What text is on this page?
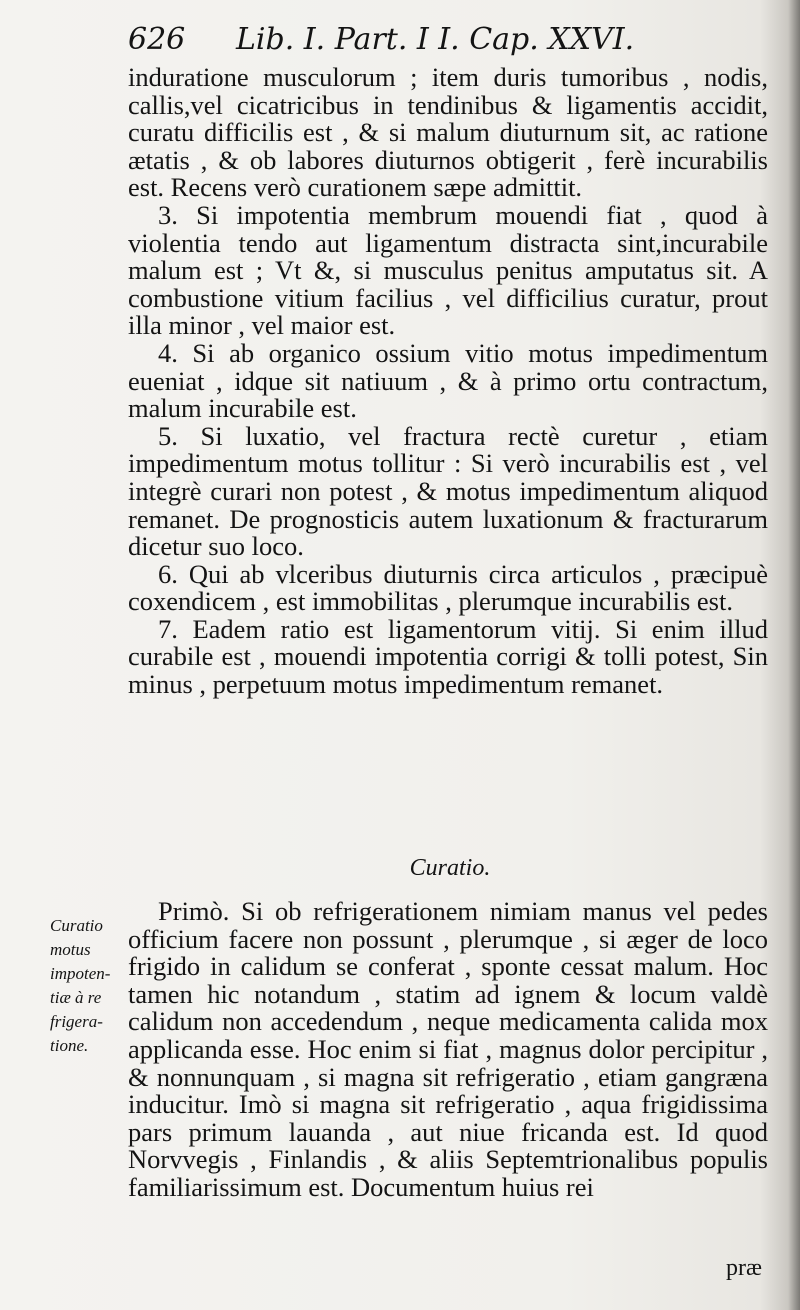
626 Lib. I. Part. I I. Cap. XXVI.

induratione musculorum ; item duris tumoribus , nodis, callis,vel cicatricibus in tendinibus & ligamentis accidit, curatu difficilis est , & si malum diuturnum sit, ac ratione ætatis , & ob labores diuturnos obtigerit , ferè incurabilis est. Recens verò curationem sæpe admittit.

3. Si impotentia membrum mouendi fiat , quod à violentia tendo aut ligamentum distracta sint,incurabile malum est ; Vt &, si musculus penitus amputatus sit. A combustione vitium facilius , vel difficilius curatur, prout illa minor , vel maior est.

4. Si ab organico ossium vitio motus impedimentum eueniat , idque sit natiuum , & à primo ortu contractum, malum incurabile est.

5. Si luxatio, vel fractura rectè curetur , etiam impedimentum motus tollitur : Si verò incurabilis est , vel integrè curari non potest , & motus impedimentum aliquod remanet. De prognosticis autem luxationum & fracturarum dicetur suo loco.

6. Qui ab vlceribus diuturnis circa articulos , præcipuè coxendicem , est immobilitas , plerumque incurabilis est.

7. Eadem ratio est ligamentorum vitij. Si enim illud curabile est , mouendi impotentia corrigi & tolli potest, Sin minus , perpetuum motus impedimentum remanet.

Curatio.
Curatio
motus
impoten-
tiæ à re
frigera-
tione.

Primò. Si ob refrigerationem nimiam manus vel pedes officium facere non possunt , plerumque , si æger de loco frigido in calidum se conferat , sponte cessat malum. Hoc tamen hic notandum , statim ad ignem & locum valdè calidum non accedendum , neque medicamenta calida mox applicanda esse. Hoc enim si fiat , magnus dolor percipitur , & nonnunquam , si magna sit refrigeratio , etiam gangræna inducitur. Imò si magna sit refrigeratio , aqua frigidissima pars primum lauanda , aut niue fricanda est. Id quod Norvvegis , Finlandis , & aliis Septemtrionalibus populis familiarissimum est. Documentum huius rei

præ
